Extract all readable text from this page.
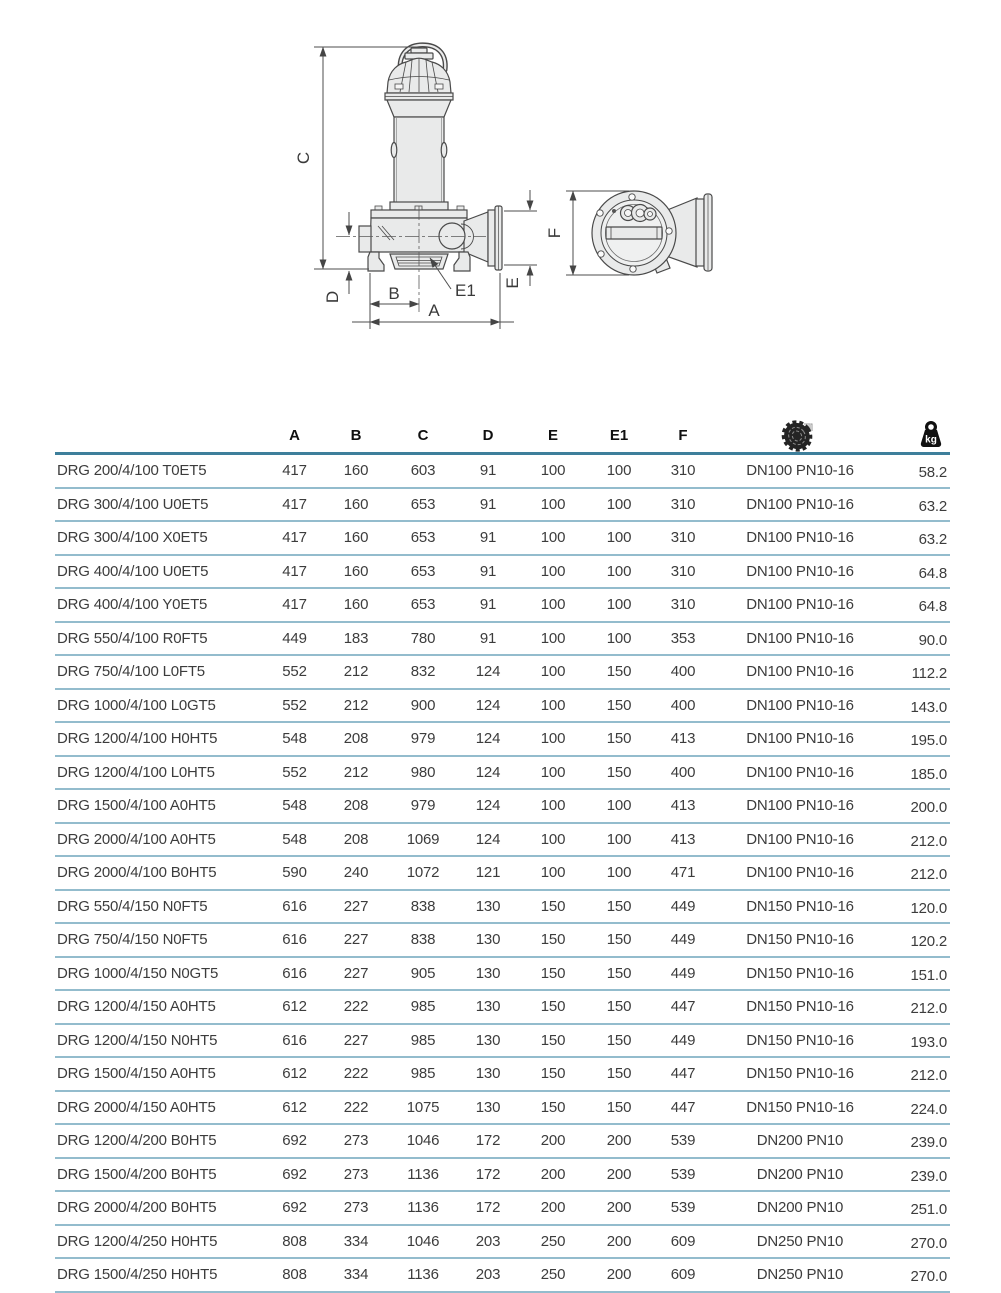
C
D	B
A
E1 E
F
	A	B	C	D	E	E1	F		kg

DRG 200/4/100 T0ET5	417	160	603	91	100	100	310	DN100 PN10-16	58.2
DRG 300/4/100 U0ET5	417	160	653	91	100	100	310	DN100 PN10-16	63.2
DRG 300/4/100 X0ET5	417	160	653	91	100	100	310	DN100 PN10-16	63.2
DRG 400/4/100 U0ET5	417	160	653	91	100	100	310	DN100 PN10-16	64.8
DRG 400/4/100 Y0ET5	417	160	653	91	100	100	310	DN100 PN10-16	64.8
DRG 550/4/100 R0FT5	449	183	780	91	100	100	353	DN100 PN10-16	90.0
DRG 750/4/100 L0FT5	552	212	832	124	100	150	400	DN100 PN10-16	112.2
DRG 1000/4/100 L0GT5	552	212	900	124	100	150	400	DN100 PN10-16	143.0
DRG 1200/4/100 H0HT5	548	208	979	124	100	150	413	DN100 PN10-16	195.0
DRG 1200/4/100 L0HT5	552	212	980	124	100	150	400	DN100 PN10-16	185.0
DRG 1500/4/100 A0HT5	548	208	979	124	100	100	413	DN100 PN10-16	200.0
DRG 2000/4/100 A0HT5	548	208	1069	124	100	100	413	DN100 PN10-16	212.0
DRG 2000/4/100 B0HT5	590	240	1072	121	100	100	471	DN100 PN10-16	212.0
DRG 550/4/150 N0FT5	616	227	838	130	150	150	449	DN150 PN10-16	120.0
DRG 750/4/150 N0FT5	616	227	838	130	150	150	449	DN150 PN10-16	120.2
DRG 1000/4/150 N0GT5	616	227	905	130	150	150	449	DN150 PN10-16	151.0
DRG 1200/4/150 A0HT5	612	222	985	130	150	150	447	DN150 PN10-16	212.0
DRG 1200/4/150 N0HT5	616	227	985	130	150	150	449	DN150 PN10-16	193.0
DRG 1500/4/150 A0HT5	612	222	985	130	150	150	447	DN150 PN10-16	212.0
DRG 2000/4/150 A0HT5	612	222	1075	130	150	150	447	DN150 PN10-16	224.0
DRG 1200/4/200 B0HT5	692	273	1046	172	200	200	539	DN200 PN10	239.0
DRG 1500/4/200 B0HT5	692	273	1136	172	200	200	539	DN200 PN10	239.0
DRG 2000/4/200 B0HT5	692	273	1136	172	200	200	539	DN200 PN10	251.0
DRG 1200/4/250 H0HT5	808	334	1046	203	250	200	609	DN250 PN10	270.0
DRG 1500/4/250 H0HT5	808	334	1136	203	250	200	609	DN250 PN10	270.0
